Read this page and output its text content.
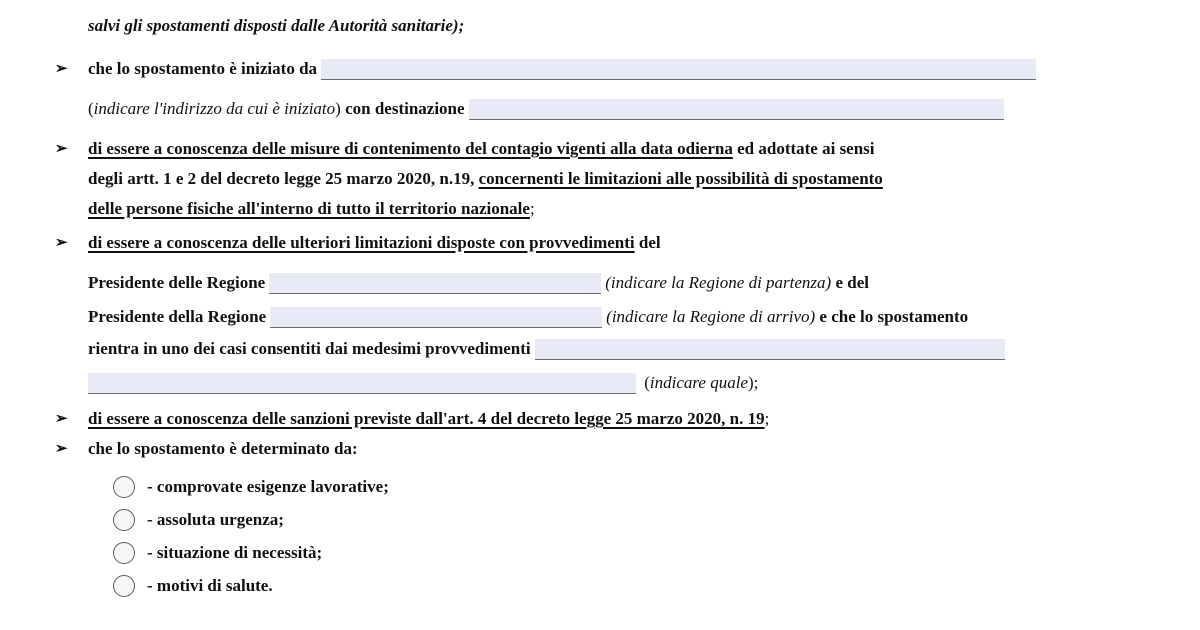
salvi gli spostamenti disposti dalle Autorità sanitarie);
➢ che lo spostamento è iniziato da
(indicare l'indirizzo da cui è iniziato) con destinazione
➢ di essere a conoscenza delle misure di contenimento del contagio vigenti alla data odierna ed adottate ai sensi
degli artt. 1 e 2 del decreto legge 25 marzo 2020, n.19, concernenti le limitazioni alle possibilità di spostamento
delle persone fisiche all'interno di tutto il territorio nazionale;
➢ di essere a conoscenza delle ulteriori limitazioni disposte con provvedimenti del
Presidente delle Regione	(indicare la Regione di partenza) e del
Presidente della Regione	(indicare la Regione di arrivo) e che lo spostamento
rientra in uno dei casi consentiti dai medesimi provvedimenti
(indicare quale);
➢ di essere a conoscenza delle sanzioni previste dall'art. 4 del decreto legge 25 marzo 2020, n. 19;
➢ che lo spostamento è determinato da:
- comprovate esigenze lavorative;
- assoluta urgenza;
- situazione di necessità;
- motivi di salute.
